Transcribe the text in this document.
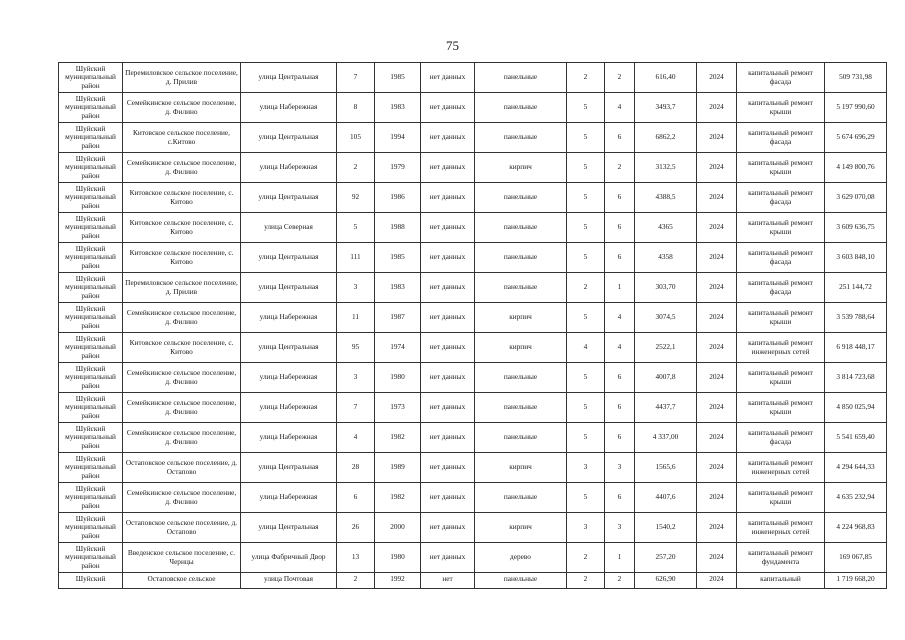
75
Шуйский муниципальный район	Перемиловское сельское поселение, д. Прилив	улица Центральная	7	1985	нет данных	панельные	2	2	616,40	2024	капитальный ремонт фасада	509 731,98
Шуйский муниципальный район	Семейкинское сельское поселение, д. Филино	улица Набережная	8	1983	нет данных	панельные	5	4	3493,7	2024	капитальный ремонт крыши	5 197 990,60
Шуйский муниципальный район	Китовское сельское поселение, с.Китово	улица Центральная	105	1994	нет данных	панельные	5	6	6862,2	2024	капитальный ремонт фасада	5 674 696,29
Шуйский муниципальный район	Семейкинское сельское поселение, д. Филино	улица Набережная	2	1979	нет данных	кирпич	5	2	3132,5	2024	капитальный ремонт крыши	4 149 800,76
Шуйский муниципальный район	Китовское сельское поселение, с. Китово	улица Центральная	92	1986	нет данных	панельные	5	6	4388,5	2024	капитальный ремонт фасада	3 629 070,08
Шуйский муниципальный район	Китовское сельское поселение, с. Китово	улица Северная	5	1988	нет данных	панельные	5	6	4365	2024	капитальный ремонт крыши	3 609 636,75
Шуйский муниципальный район	Китовское сельское поселение, с. Китово	улица Центральная	111	1985	нет данных	панельные	5	6	4358	2024	капитальный ремонт фасада	3 603 848,10
Шуйский муниципальный район	Перемиловское сельское поселение, д. Прилив	улица Центральная	3	1983	нет данных	панельные	2	1	303,70	2024	капитальный ремонт фасада	251 144,72
Шуйский муниципальный район	Семейкинское сельское поселение, д. Филино	улица Набережная	11	1987	нет данных	кирпич	5	4	3074,5	2024	капитальный ремонт крыши	3 539 788,64
Шуйский муниципальный район	Китовское сельское поселение, с. Китово	улица Центральная	95	1974	нет данных	кирпич	4	4	2522,1	2024	капитальный ремонт инженерных сетей	6 918 448,17
Шуйский муниципальный район	Семейкинское сельское поселение, д. Филино	улица Набережная	3	1980	нет данных	панельные	5	6	4007,8	2024	капитальный ремонт крыши	3 814 723,68
Шуйский муниципальный район	Семейкинское сельское поселение, д. Филино	улица Набережная	7	1973	нет данных	панельные	5	6	4437,7	2024	капитальный ремонт крыши	4 850 025,94
Шуйский муниципальный район	Семейкинское сельское поселение, д. Филино	улица Набережная	4	1982	нет данных	панельные	5	6	4 337,00	2024	капитальный ремонт фасада	5 541 659,40
Шуйский муниципальный район	Остаповское сельское поселение, д. Остапово	улица Центральная	28	1989	нет данных	кирпич	3	3	1565,6	2024	капитальный ремонт инженерных сетей	4 294 644,33
Шуйский муниципальный район	Семейкинское сельское поселение, д. Филино	улица Набережная	6	1982	нет данных	панельные	5	6	4407,6	2024	капитальный ремонт крыши	4 635 232,94
Шуйский муниципальный район	Остаповское сельское поселение, д. Остапово	улица Центральная	26	2000	нет данных	кирпич	3	3	1540,2	2024	капитальный ремонт инженерных сетей	4 224 968,83
Шуйский муниципальный район	Введенское сельское поселение, с. Чернцы	улица Фабричный Двор	13	1980	нет данных	дерево	2	1	257,20	2024	капитальный ремонт фундамента	169 067,85
Шуйский	Остаповское сельское	улица Почтовая	2	1992	нет	панельные	2	2	626,90	2024	капитальный	1 719 668,20
